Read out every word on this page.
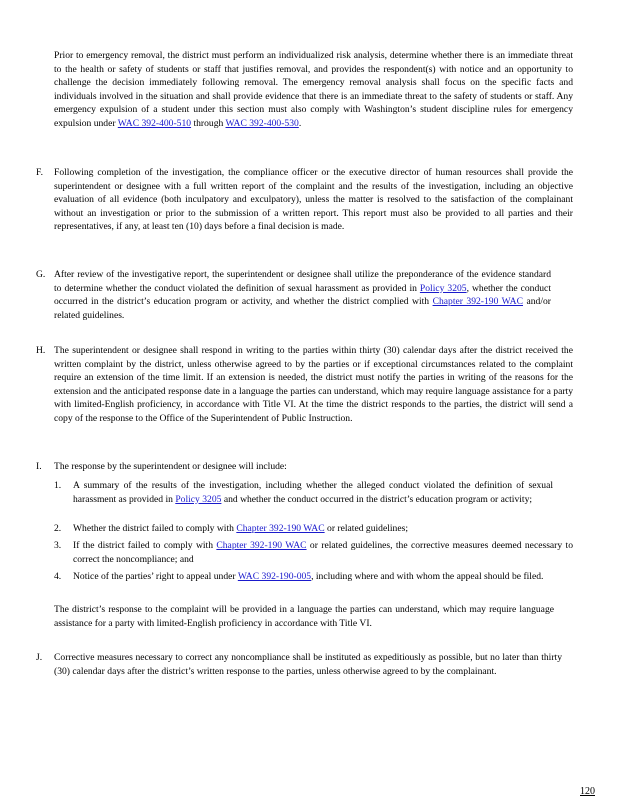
Prior to emergency removal, the district must perform an individualized risk analysis, determine whether there is an immediate threat to the health or safety of students or staff that justifies removal, and provides the respondent(s) with notice and an opportunity to challenge the decision immediately following removal. The emergency removal analysis shall focus on the specific facts and individuals involved in the situation and shall provide evidence that there is an immediate threat to the safety of students or staff. Any emergency expulsion of a student under this section must also comply with Washington’s student discipline rules for emergency expulsion under WAC 392-400-510 through WAC 392-400-530.
F. Following completion of the investigation, the compliance officer or the executive director of human resources shall provide the superintendent or designee with a full written report of the complaint and the results of the investigation, including an objective evaluation of all evidence (both inculpatory and exculpatory), unless the matter is resolved to the satisfaction of the complainant without an investigation or prior to the submission of a written report. This report must also be provided to all parties and their representatives, if any, at least ten (10) days before a final decision is made.
G. After review of the investigative report, the superintendent or designee shall utilize the preponderance of the evidence standard to determine whether the conduct violated the definition of sexual harassment as provided in Policy 3205, whether the conduct occurred in the district’s education program or activity, and whether the district complied with Chapter 392-190 WAC and/or related guidelines.
H. The superintendent or designee shall respond in writing to the parties within thirty (30) calendar days after the district received the written complaint by the district, unless otherwise agreed to by the parties or if exceptional circumstances related to the complaint require an extension of the time limit. If an extension is needed, the district must notify the parties in writing of the reasons for the extension and the anticipated response date in a language the parties can understand, which may require language assistance for a party with limited-English proficiency, in accordance with Title VI. At the time the district responds to the parties, the district will send a copy of the response to the Office of the Superintendent of Public Instruction.
I. The response by the superintendent or designee will include:
1. A summary of the results of the investigation, including whether the alleged conduct violated the definition of sexual harassment as provided in Policy 3205 and whether the conduct occurred in the district’s education program or activity;
2. Whether the district failed to comply with Chapter 392-190 WAC or related guidelines;
3. If the district failed to comply with Chapter 392-190 WAC or related guidelines, the corrective measures deemed necessary to correct the noncompliance; and
4. Notice of the parties’ right to appeal under WAC 392-190-005, including where and with whom the appeal should be filed.
The district’s response to the complaint will be provided in a language the parties can understand, which may require language assistance for a party with limited-English proficiency in accordance with Title VI.
J. Corrective measures necessary to correct any noncompliance shall be instituted as expeditiously as possible, but no later than thirty (30) calendar days after the district’s written response to the parties, unless otherwise agreed to by the complainant.
120
